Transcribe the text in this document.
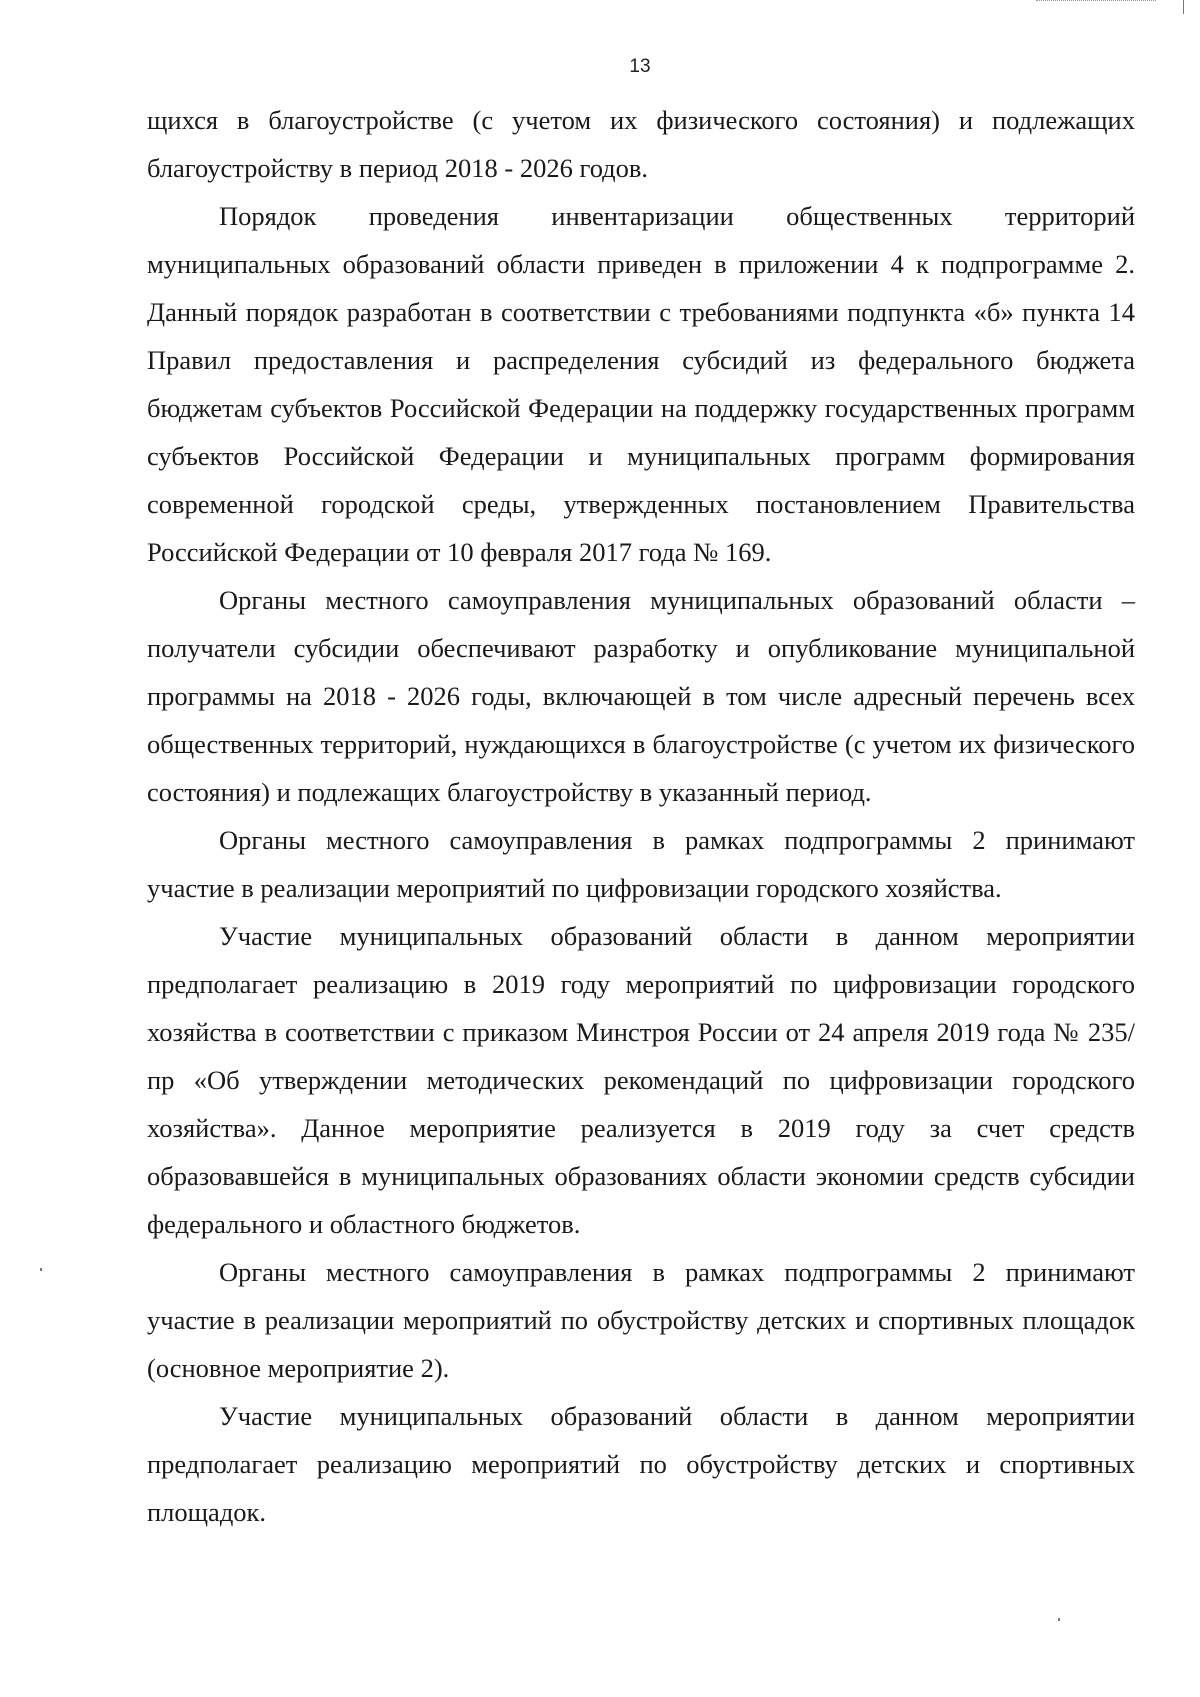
13

щихся в благоустройстве (с учетом их физического состояния) и подлежащих благоустройству в период 2018 - 2026 годов.

Порядок проведения инвентаризации общественных территорий муниципальных образований области приведен в приложении 4 к подпрограмме 2. Данный порядок разработан в соответствии с требованиями подпункта «б» пункта 14 Правил предоставления и распределения субсидий из федерального бюджета бюджетам субъектов Российской Федерации на поддержку государственных программ субъектов Российской Федерации и муниципальных программ формирования современной городской среды, утвержденных постановлением Правительства Российской Федерации от 10 февраля 2017 года № 169.

Органы местного самоуправления муниципальных образований области – получатели субсидии обеспечивают разработку и опубликование муниципальной программы на 2018 - 2026 годы, включающей в том числе адресный перечень всех общественных территорий, нуждающихся в благоустройстве (с учетом их физического состояния) и подлежащих благоустройству в указанный период.

Органы местного самоуправления в рамках подпрограммы 2 принимают участие в реализации мероприятий по цифровизации городского хозяйства.

Участие муниципальных образований области в данном мероприятии предполагает реализацию в 2019 году мероприятий по цифровизации городского хозяйства в соответствии с приказом Минстроя России от 24 апреля 2019 года № 235/пр «Об утверждении методических рекомендаций по цифровизации городского хозяйства». Данное мероприятие реализуется в 2019 году за счет средств образовавшейся в муниципальных образованиях области экономии средств субсидии федерального и областного бюджетов.

Органы местного самоуправления в рамках подпрограммы 2 принимают участие в реализации мероприятий по обустройству детских и спортивных площадок (основное мероприятие 2).

Участие муниципальных образований области в данном мероприятии предполагает реализацию мероприятий по обустройству детских и спортивных площадок.
